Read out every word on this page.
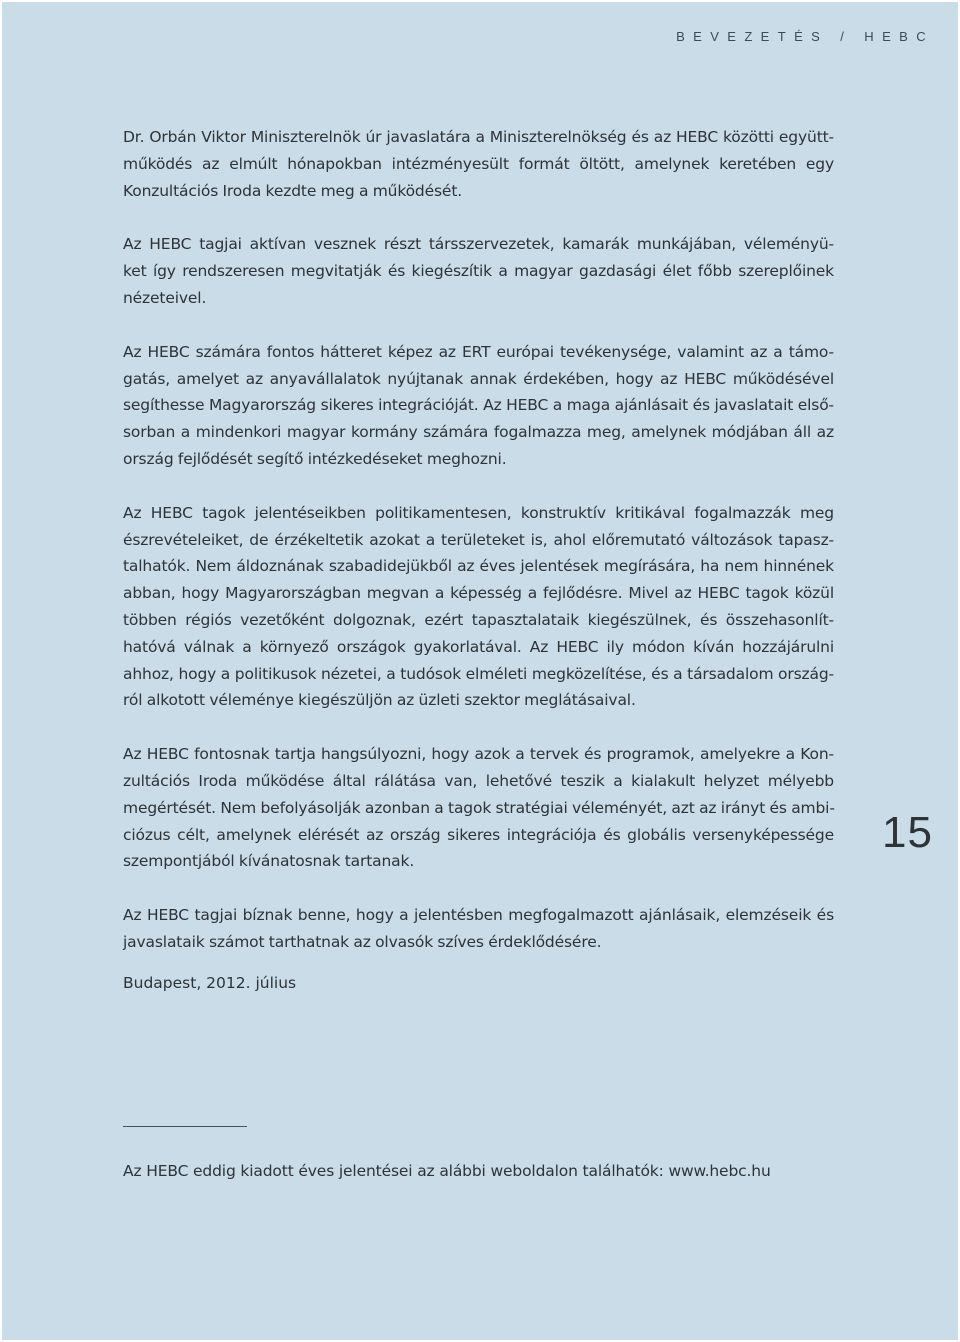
BEVEZETÉS / HEBC

Dr. Orbán Viktor Miniszterelnök úr javaslatára a Miniszterelnökség és az HEBC közötti együtt-
működés az elmúlt hónapokban intézményesült formát öltött, amelynek keretében egy
Konzultációs Iroda kezdte meg a működését.

Az HEBC tagjai aktívan vesznek részt társszervezetek, kamarák munkájában, véleményü-
ket így rendszeresen megvitatják és kiegészítik a magyar gazdasági élet főbb szereplőinek
nézeteivel.

Az HEBC számára fontos hátteret képez az ERT európai tevékenysége, valamint az a támo-
gatás, amelyet az anyavállalatok nyújtanak annak érdekében, hogy az HEBC működésével
segíthesse Magyarország sikeres integrációját. Az HEBC a maga ajánlásait és javaslatait első-
sorban a mindenkori magyar kormány számára fogalmazza meg, amelynek módjában áll az
ország fejlődését segítő intézkedéseket meghozni.

Az HEBC tagok jelentéseikben politikamentesen, konstruktív kritikával fogalmazzák meg
észrevételeiket, de érzékeltetik azokat a területeket is, ahol előremutató változások tapasz-
talhatók. Nem áldoznának szabadidejükből az éves jelentések megírására, ha nem hinnének
abban, hogy Magyarországban megvan a képesség a fejlődésre. Mivel az HEBC tagok közül
többen régiós vezetőként dolgoznak, ezért tapasztalataik kiegészülnek, és összehasonlít-
hatóvá válnak a környező országok gyakorlatával. Az HEBC ily módon kíván hozzájárulni
ahhoz, hogy a politikusok nézetei, a tudósok elméleti megközelítése, és a társadalom ország-
ról alkotott véleménye kiegészüljön az üzleti szektor meglátásaival.

Az HEBC fontosnak tartja hangsúlyozni, hogy azok a tervek és programok, amelyekre a Kon-
zultációs Iroda működése által rálátása van, lehetővé teszik a kialakult helyzet mélyebb
megértését. Nem befolyásolják azonban a tagok stratégiai véleményét, azt az irányt és ambi-
ciózus célt, amelynek elérését az ország sikeres integrációja és globális versenyképessége
szempontjából kívánatosnak tartanak.

Az HEBC tagjai bíznak benne, hogy a jelentésben megfogalmazott ajánlásaik, elemzéseik és
javaslataik számot tarthatnak az olvasók szíves érdeklődésére.

Budapest, 2012. július
Az HEBC eddig kiadott éves jelentései az alábbi weboldalon találhatók: www.hebc.hu
15
